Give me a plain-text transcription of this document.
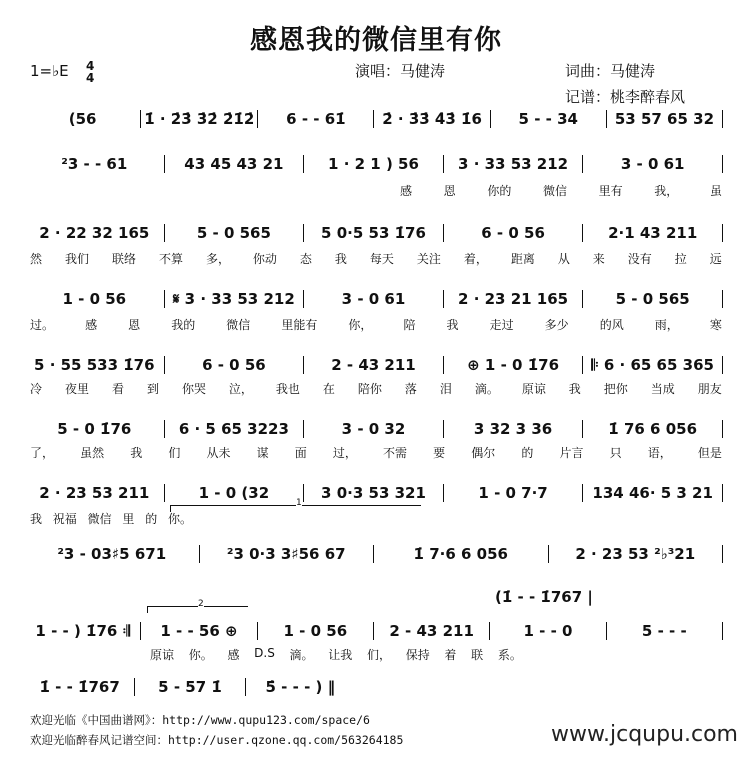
感恩我的微信里有你
1=♭E 4
4	演唱：马健涛	词曲：马健涛
记谱：桃李醉春风
(56	1̇ · 2̇3̇ 3̇2̇ 2̇1̇2̇	6 - - 61̇	2̇ · 3̇3̇ 4̇3̇ 1̇6	5 - - 34	53 57 65 32
²3 - - 61	43 45 43 21	1 · 2 1 ) 56	3 · 33 53 212	3 - 0 61
感	恩	你的	微信	里有	我，	虽
2 · 22 32 165	5 - 0 565	5 0·5 53 1̇76	6 - 0 56	2·1 43 211
然 我们 联络 不算 多， 你动 态 我 每天 关注 着， 距离 从 来 没有 拉 远
1 - 0 56	𝄋 3 · 33 53 212	3 - 0 61	2 · 23 21 165	5 - 0 565
过。	感	恩	我的	微信	里能有	你，	陪	我	走过	多少	的风	雨，	寒
5 · 55 533 1̇76	6 - 0 56	2 - 43 211	⊕ 1 - 0 1̇76	𝄆 6 · 65 65 365
冷 夜里 看 到 你哭 泣， 我也 在 陪你 落 泪 滴。 原谅 我 把你 当成 朋友
5 - 0 1̇76	6 · 5 65 3223	3 - 0 32	3 32 3 36	1̇ 76 6 056
了， 虽然 我 们 从未 谋 面 过， 不需 要 偶尔 的 片言 只 语， 但是
2 · 23 53 211	1 - 0 (32	3 0·3 53 321	1 - 0 7·7	134 46· 5 3 21
我 祝福 微信 里 的 你。
²3 - 03♯5 671	²3 0·3 3♯56 67	1̇ 7·6 6 056	2 · 23 53 ²♭³21
1 - - ) 1̇76 𝄇	1 - - 56 ⊕	1 - 0 56	2 - 43 211	1 - - 0	5 - - -
(1̇ - - 1̇767 |
原谅 你。 感 D.S 滴。 让我 们， 保持 着 联 系。
1̇ - - 1̇767	5 - 57 1̇	5̇ - - - ) ‖
1
2
欢迎光临《中国曲谱网》：http://www.qupu123.com/space/6
欢迎光临醉春风记谱空间：http://user.qzone.qq.com/563264185	www.jcqupu.com
